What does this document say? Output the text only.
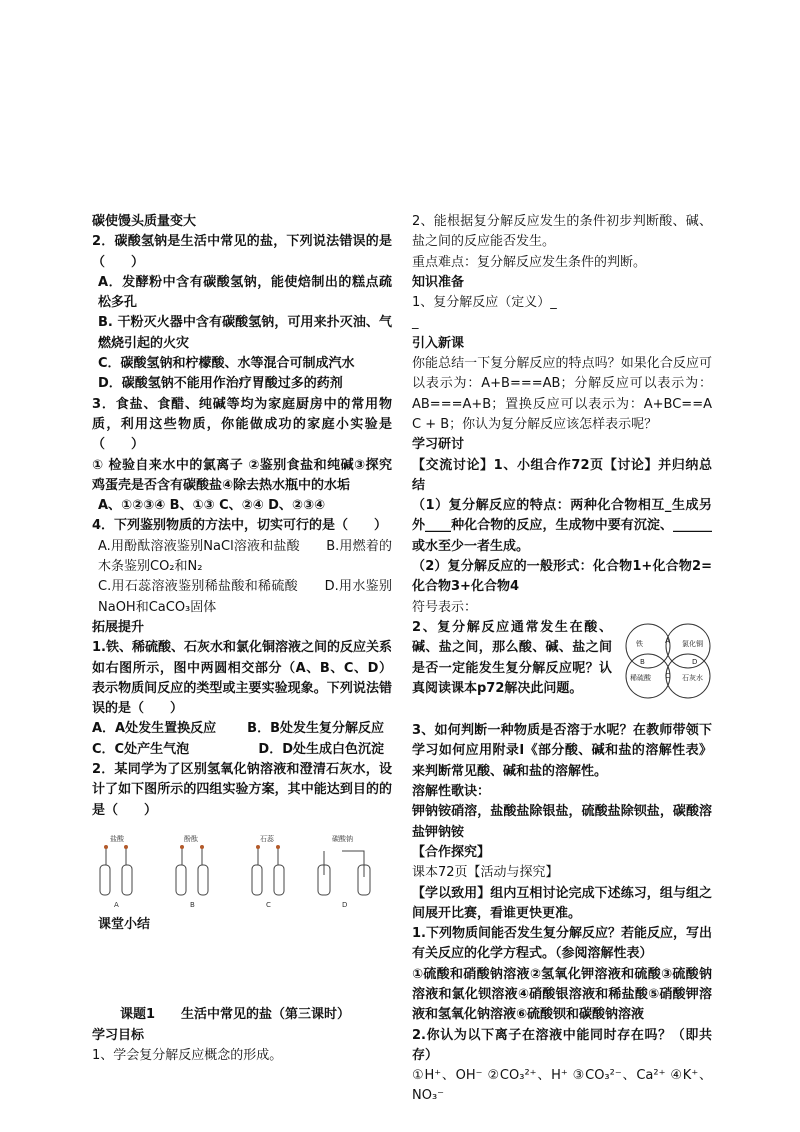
碳使馒头质量变大

2．碳酸氢钠是生活中常见的盐，下列说法错误的是（　　）

A．发酵粉中含有碳酸氢钠，能使焙制出的糕点疏松多孔

B. 干粉灭火器中含有碳酸氢钠，可用来扑灭油、气燃烧引起的火灾

C．碳酸氢钠和柠檬酸、水等混合可制成汽水

D．碳酸氢钠不能用作治疗胃酸过多的药剂

3．食盐、食醋、纯碱等均为家庭厨房中的常用物质，利用这些物质，你能做成功的家庭小实验是（　　）

① 检验自来水中的氯离子 ②鉴别食盐和纯碱③探究鸡蛋壳是否含有碳酸盐④除去热水瓶中的水垢

A、①②③④ B、①③ C、②④ D、②③④

4．下列鉴别物质的方法中，切实可行的是（　　）

A.用酚酞溶液鉴别NaCl溶液和盐酸　　B.用燃着的木条鉴别CO₂和N₂

C.用石蕊溶液鉴别稀盐酸和稀硫酸　　D.用水鉴别NaOH和CaCO₃固体

拓展提升

1.铁、稀硫酸、石灰水和氯化铜溶液之间的反应关系如右图所示，图中两圆相交部分（A、B、C、D）表示物质间反应的类型或主要实验现象。下列说法错误的是（　　）

A．A处发生置换反应 B．B处发生复分解反应
C．C处产生气泡	D．D处生成白色沉淀

2．某同学为了区别氢氧化钠溶液和澄清石灰水，设计了如下图所示的四组实验方案，其中能达到目的的是（　　）

盐酸	酚酞	石蕊	碳酸钠
A	B	C	D

课堂小结

课题1 生活中常见的盐（第三课时）

学习目标

1、学会复分解反应概念的形成。

2、能根据复分解反应发生的条件初步判断酸、碱、盐之间的反应能否发生。

重点难点：复分解反应发生条件的判断。

知识准备

1、复分解反应（定义）_

_

引入新课

你能总结一下复分解反应的特点吗？如果化合反应可以表示为：A+B===AB；分解反应可以表示为：AB===A+B；置换反应可以表示为：A+BC==A C + B；你认为复分解反应该怎样表示呢？

学习研讨

【交流讨论】1、小组合作72页【讨论】并归纳总结

（1）复分解反应的特点：两种化合物相互_生成另外____种化合物的反应，生成物中要有沉淀、______或水至少一者生成。

（2）复分解反应的一般形式：化合物1+化合物2=化合物3+化合物4

符号表示：

铁	A 氯化铜
B
C
D
稀硫酸	石灰水

2、复分解反应通常发生在酸、碱、盐之间，那么酸、碱、盐之间是否一定能发生复分解反应呢？认真阅读课本p72解决此问题。

3、如何判断一种物质是否溶于水呢？在教师带领下学习如何应用附录Ⅰ《部分酸、碱和盐的溶解性表》来判断常见酸、碱和盐的溶解性。

溶解性歌诀：

钾钠铵硝溶，盐酸盐除银盐，硫酸盐除钡盐，碳酸溶盐钾钠铵

【合作探究】

课本72页【活动与探究】

【学以致用】组内互相讨论完成下述练习，组与组之间展开比赛，看谁更快更准。

1.下列物质间能否发生复分解反应？若能反应，写出有关反应的化学方程式。（参阅溶解性表）

①硫酸和硝酸钠溶液②氢氧化钾溶液和硫酸③硫酸钠溶液和氯化钡溶液④硝酸银溶液和稀盐酸⑤硝酸钾溶液和氢氧化钠溶液⑥硫酸钡和碳酸钠溶液

2.你认为以下离子在溶液中能同时存在吗？（即共存）

①H⁺、OH⁻ ②CO₃²⁺、H⁺ ③CO₃²⁻、Ca²⁺ ④K⁺、NO₃⁻
